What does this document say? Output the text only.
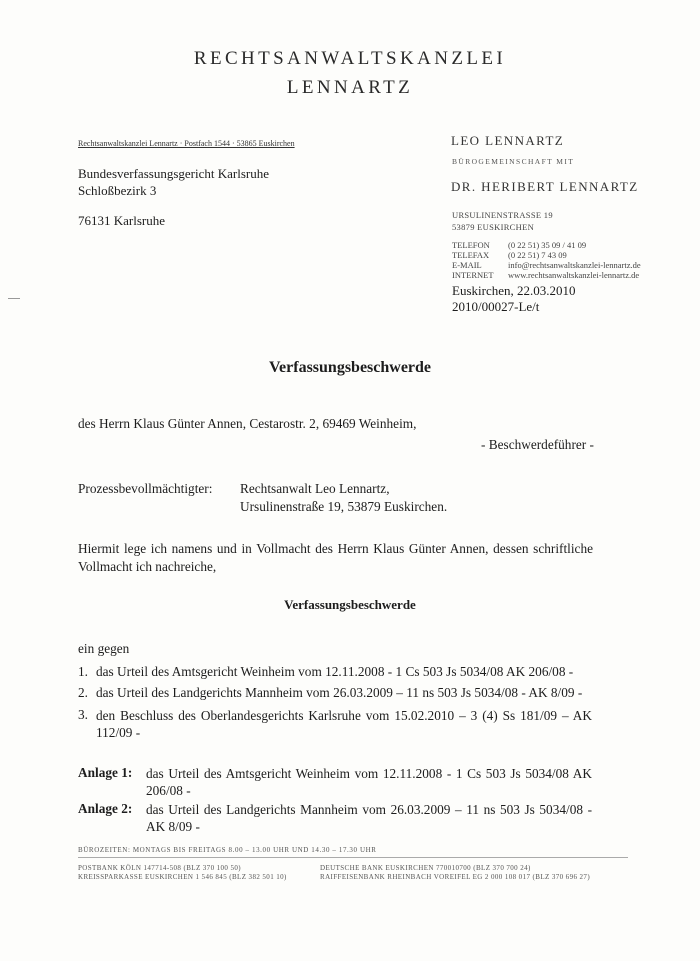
RECHTSANWALTSKANZLEI
LENNARTZ
Rechtsanwaltskanzlei Lennartz · Postfach 1544 · 53865 Euskirchen
Bundesverfassungsgericht Karlsruhe
Schloßbezirk 3
76131 Karlsruhe
LEO LENNARTZ
BÜROGEMEINSCHAFT MIT
DR. HERIBERT LENNARTZ
URSULINENSTRASSE 19
53879 EUSKIRCHEN
TELEFON (0 22 51) 35 09 / 41 09
TELEFAX (0 22 51) 7 43 09
E-MAIL	info@rechtsanwaltskanzlei-lennartz.de
INTERNET www.rechtsanwaltskanzlei-lennartz.de
Euskirchen, 22.03.2010
2010/00027-Le/t
Verfassungsbeschwerde
des Herrn Klaus Günter Annen, Cestarostr. 2, 69469 Weinheim,
- Beschwerdeführer -
Prozessbevollmächtigter: Rechtsanwalt Leo Lennartz,
Ursulinenstraße 19, 53879 Euskirchen.
Hiermit lege ich namens und in Vollmacht des Herrn Klaus Günter Annen, dessen schriftliche Vollmacht ich nachreiche,
Verfassungsbeschwerde
ein gegen
1. das Urteil des Amtsgericht Weinheim vom 12.11.2008 - 1 Cs 503 Js 5034/08 AK 206/08 -
2. das Urteil des Landgerichts Mannheim vom 26.03.2009 – 11 ns 503 Js 5034/08 - AK 8/09 -
3. den Beschluss des Oberlandesgerichts Karlsruhe vom 15.02.2010 – 3 (4) Ss 181/09 – AK 112/09 -
Anlage 1: das Urteil des Amtsgericht Weinheim vom 12.11.2008 - 1 Cs 503 Js 5034/08 AK 206/08 -
Anlage 2: das Urteil des Landgerichts Mannheim vom 26.03.2009 – 11 ns 503 Js 5034/08 - AK 8/09 -
BÜROZEITEN: MONTAGS BIS FREITAGS 8.00 – 13.00 UHR UND 14.30 – 17.30 UHR
POSTBANK KÖLN 147714-508 (BLZ 370 100 50)
KREISSPARKASSE EUSKIRCHEN 1 546 845 (BLZ 382 501 10)
DEUTSCHE BANK EUSKIRCHEN 770010700 (BLZ 370 700 24)
RAIFFEISENBANK RHEINBACH VOREIFEL EG 2 000 108 017 (BLZ 370 696 27)
